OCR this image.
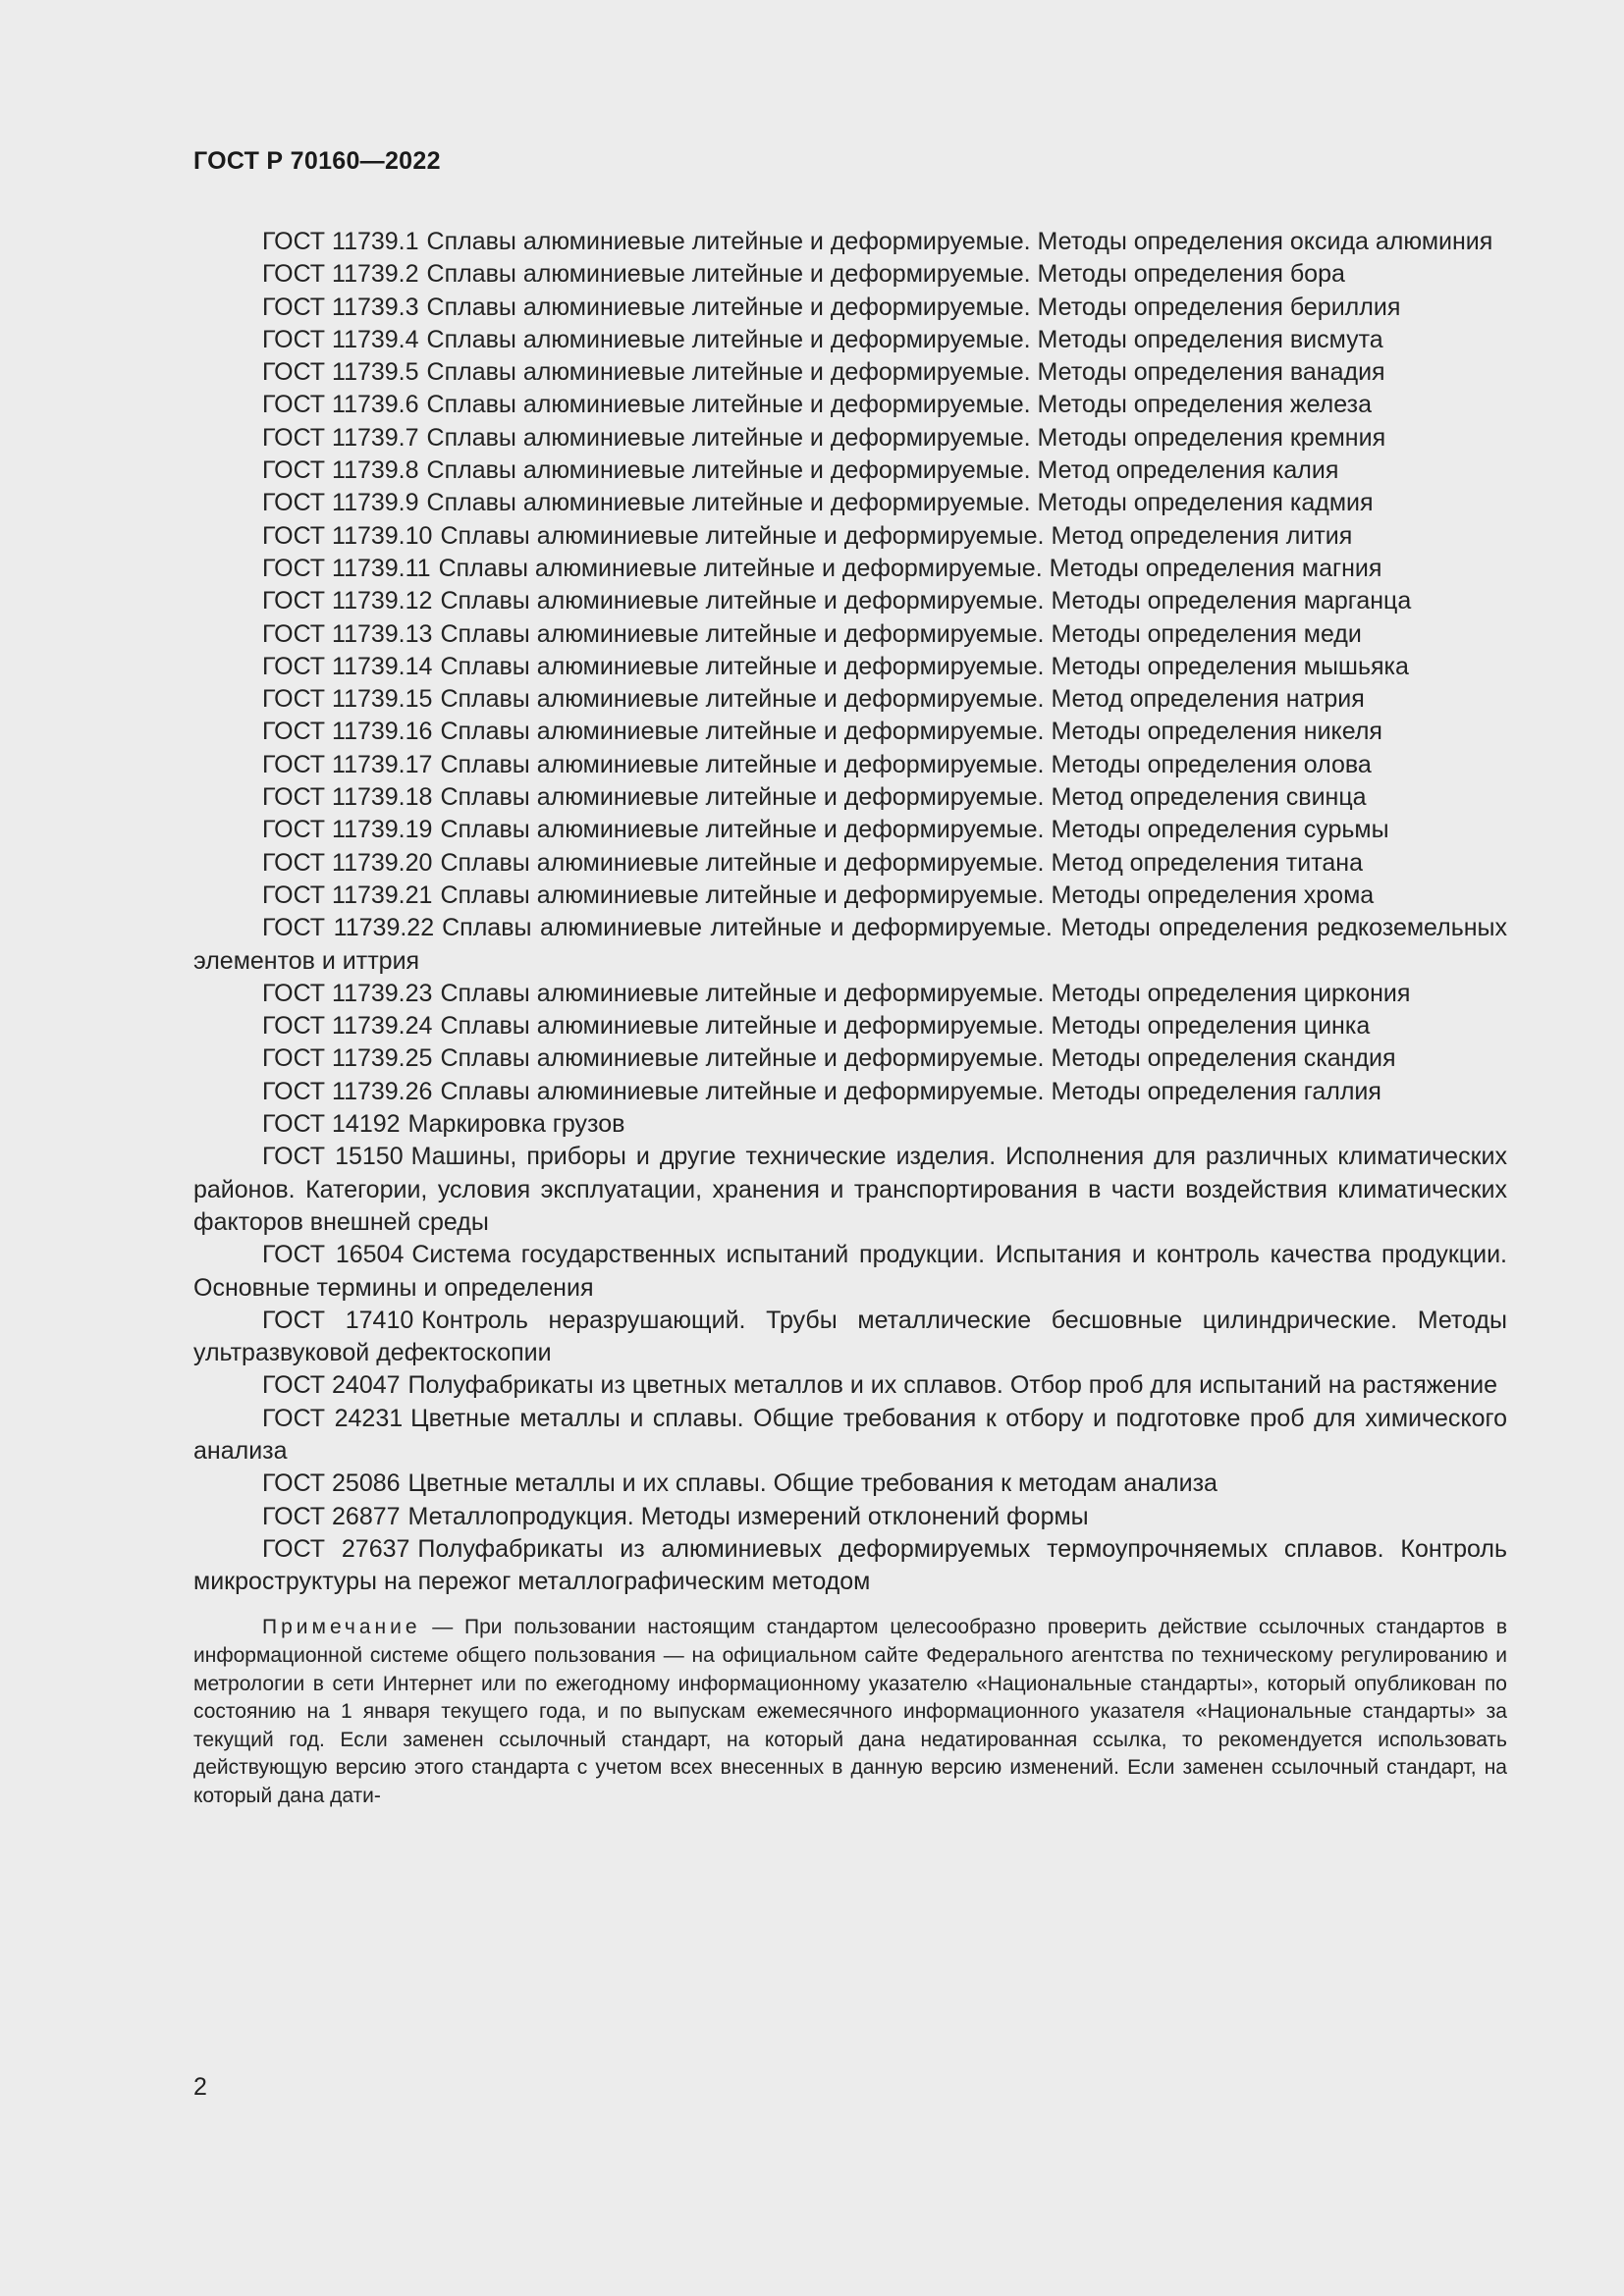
ГОСТ Р 70160—2022

ГОСТ 11739.1 Сплавы алюминиевые литейные и деформируемые. Методы определения оксида алюминия

ГОСТ 11739.2 Сплавы алюминиевые литейные и деформируемые. Методы определения бора

ГОСТ 11739.3 Сплавы алюминиевые литейные и деформируемые. Методы определения бериллия

ГОСТ 11739.4 Сплавы алюминиевые литейные и деформируемые. Методы определения висмута

ГОСТ 11739.5 Сплавы алюминиевые литейные и деформируемые. Методы определения ванадия

ГОСТ 11739.6 Сплавы алюминиевые литейные и деформируемые. Методы определения железа

ГОСТ 11739.7 Сплавы алюминиевые литейные и деформируемые. Методы определения кремния

ГОСТ 11739.8 Сплавы алюминиевые литейные и деформируемые. Метод определения калия

ГОСТ 11739.9 Сплавы алюминиевые литейные и деформируемые. Методы определения кадмия

ГОСТ 11739.10 Сплавы алюминиевые литейные и деформируемые. Метод определения лития

ГОСТ 11739.11 Сплавы алюминиевые литейные и деформируемые. Методы определения магния

ГОСТ 11739.12 Сплавы алюминиевые литейные и деформируемые. Методы определения марганца

ГОСТ 11739.13 Сплавы алюминиевые литейные и деформируемые. Методы определения меди

ГОСТ 11739.14 Сплавы алюминиевые литейные и деформируемые. Методы определения мышьяка

ГОСТ 11739.15 Сплавы алюминиевые литейные и деформируемые. Метод определения натрия

ГОСТ 11739.16 Сплавы алюминиевые литейные и деформируемые. Методы определения никеля

ГОСТ 11739.17 Сплавы алюминиевые литейные и деформируемые. Методы определения олова

ГОСТ 11739.18 Сплавы алюминиевые литейные и деформируемые. Метод определения свинца

ГОСТ 11739.19 Сплавы алюминиевые литейные и деформируемые. Методы определения сурьмы

ГОСТ 11739.20 Сплавы алюминиевые литейные и деформируемые. Метод определения титана

ГОСТ 11739.21 Сплавы алюминиевые литейные и деформируемые. Методы определения хрома

ГОСТ 11739.22 Сплавы алюминиевые литейные и деформируемые. Методы определения редкоземельных элементов и иттрия

ГОСТ 11739.23 Сплавы алюминиевые литейные и деформируемые. Методы определения циркония

ГОСТ 11739.24 Сплавы алюминиевые литейные и деформируемые. Методы определения цинка

ГОСТ 11739.25 Сплавы алюминиевые литейные и деформируемые. Методы определения скандия

ГОСТ 11739.26 Сплавы алюминиевые литейные и деформируемые. Методы определения галлия

ГОСТ 14192 Маркировка грузов

ГОСТ 15150 Машины, приборы и другие технические изделия. Исполнения для различных климатических районов. Категории, условия эксплуатации, хранения и транспортирования в части воздействия климатических факторов внешней среды

ГОСТ 16504 Система государственных испытаний продукции. Испытания и контроль качества продукции. Основные термины и определения

ГОСТ 17410 Контроль неразрушающий. Трубы металлические бесшовные цилиндрические. Методы ультразвуковой дефектоскопии

ГОСТ 24047 Полуфабрикаты из цветных металлов и их сплавов. Отбор проб для испытаний на растяжение

ГОСТ 24231 Цветные металлы и сплавы. Общие требования к отбору и подготовке проб для химического анализа

ГОСТ 25086 Цветные металлы и их сплавы. Общие требования к методам анализа

ГОСТ 26877 Металлопродукция. Методы измерений отклонений формы

ГОСТ 27637 Полуфабрикаты из алюминиевых деформируемых термоупрочняемых сплавов. Контроль микроструктуры на пережог металлографическим методом

Примечание — При пользовании настоящим стандартом целесообразно проверить действие ссылочных стандартов в информационной системе общего пользования — на официальном сайте Федерального агентства по техническому регулированию и метрологии в сети Интернет или по ежегодному информационному указателю «Национальные стандарты», который опубликован по состоянию на 1 января текущего года, и по выпускам ежемесячного информационного указателя «Национальные стандарты» за текущий год. Если заменен ссылочный стандарт, на который дана недатированная ссылка, то рекомендуется использовать действующую версию этого стандарта с учетом всех внесенных в данную версию изменений. Если заменен ссылочный стандарт, на который дана дати-

2
